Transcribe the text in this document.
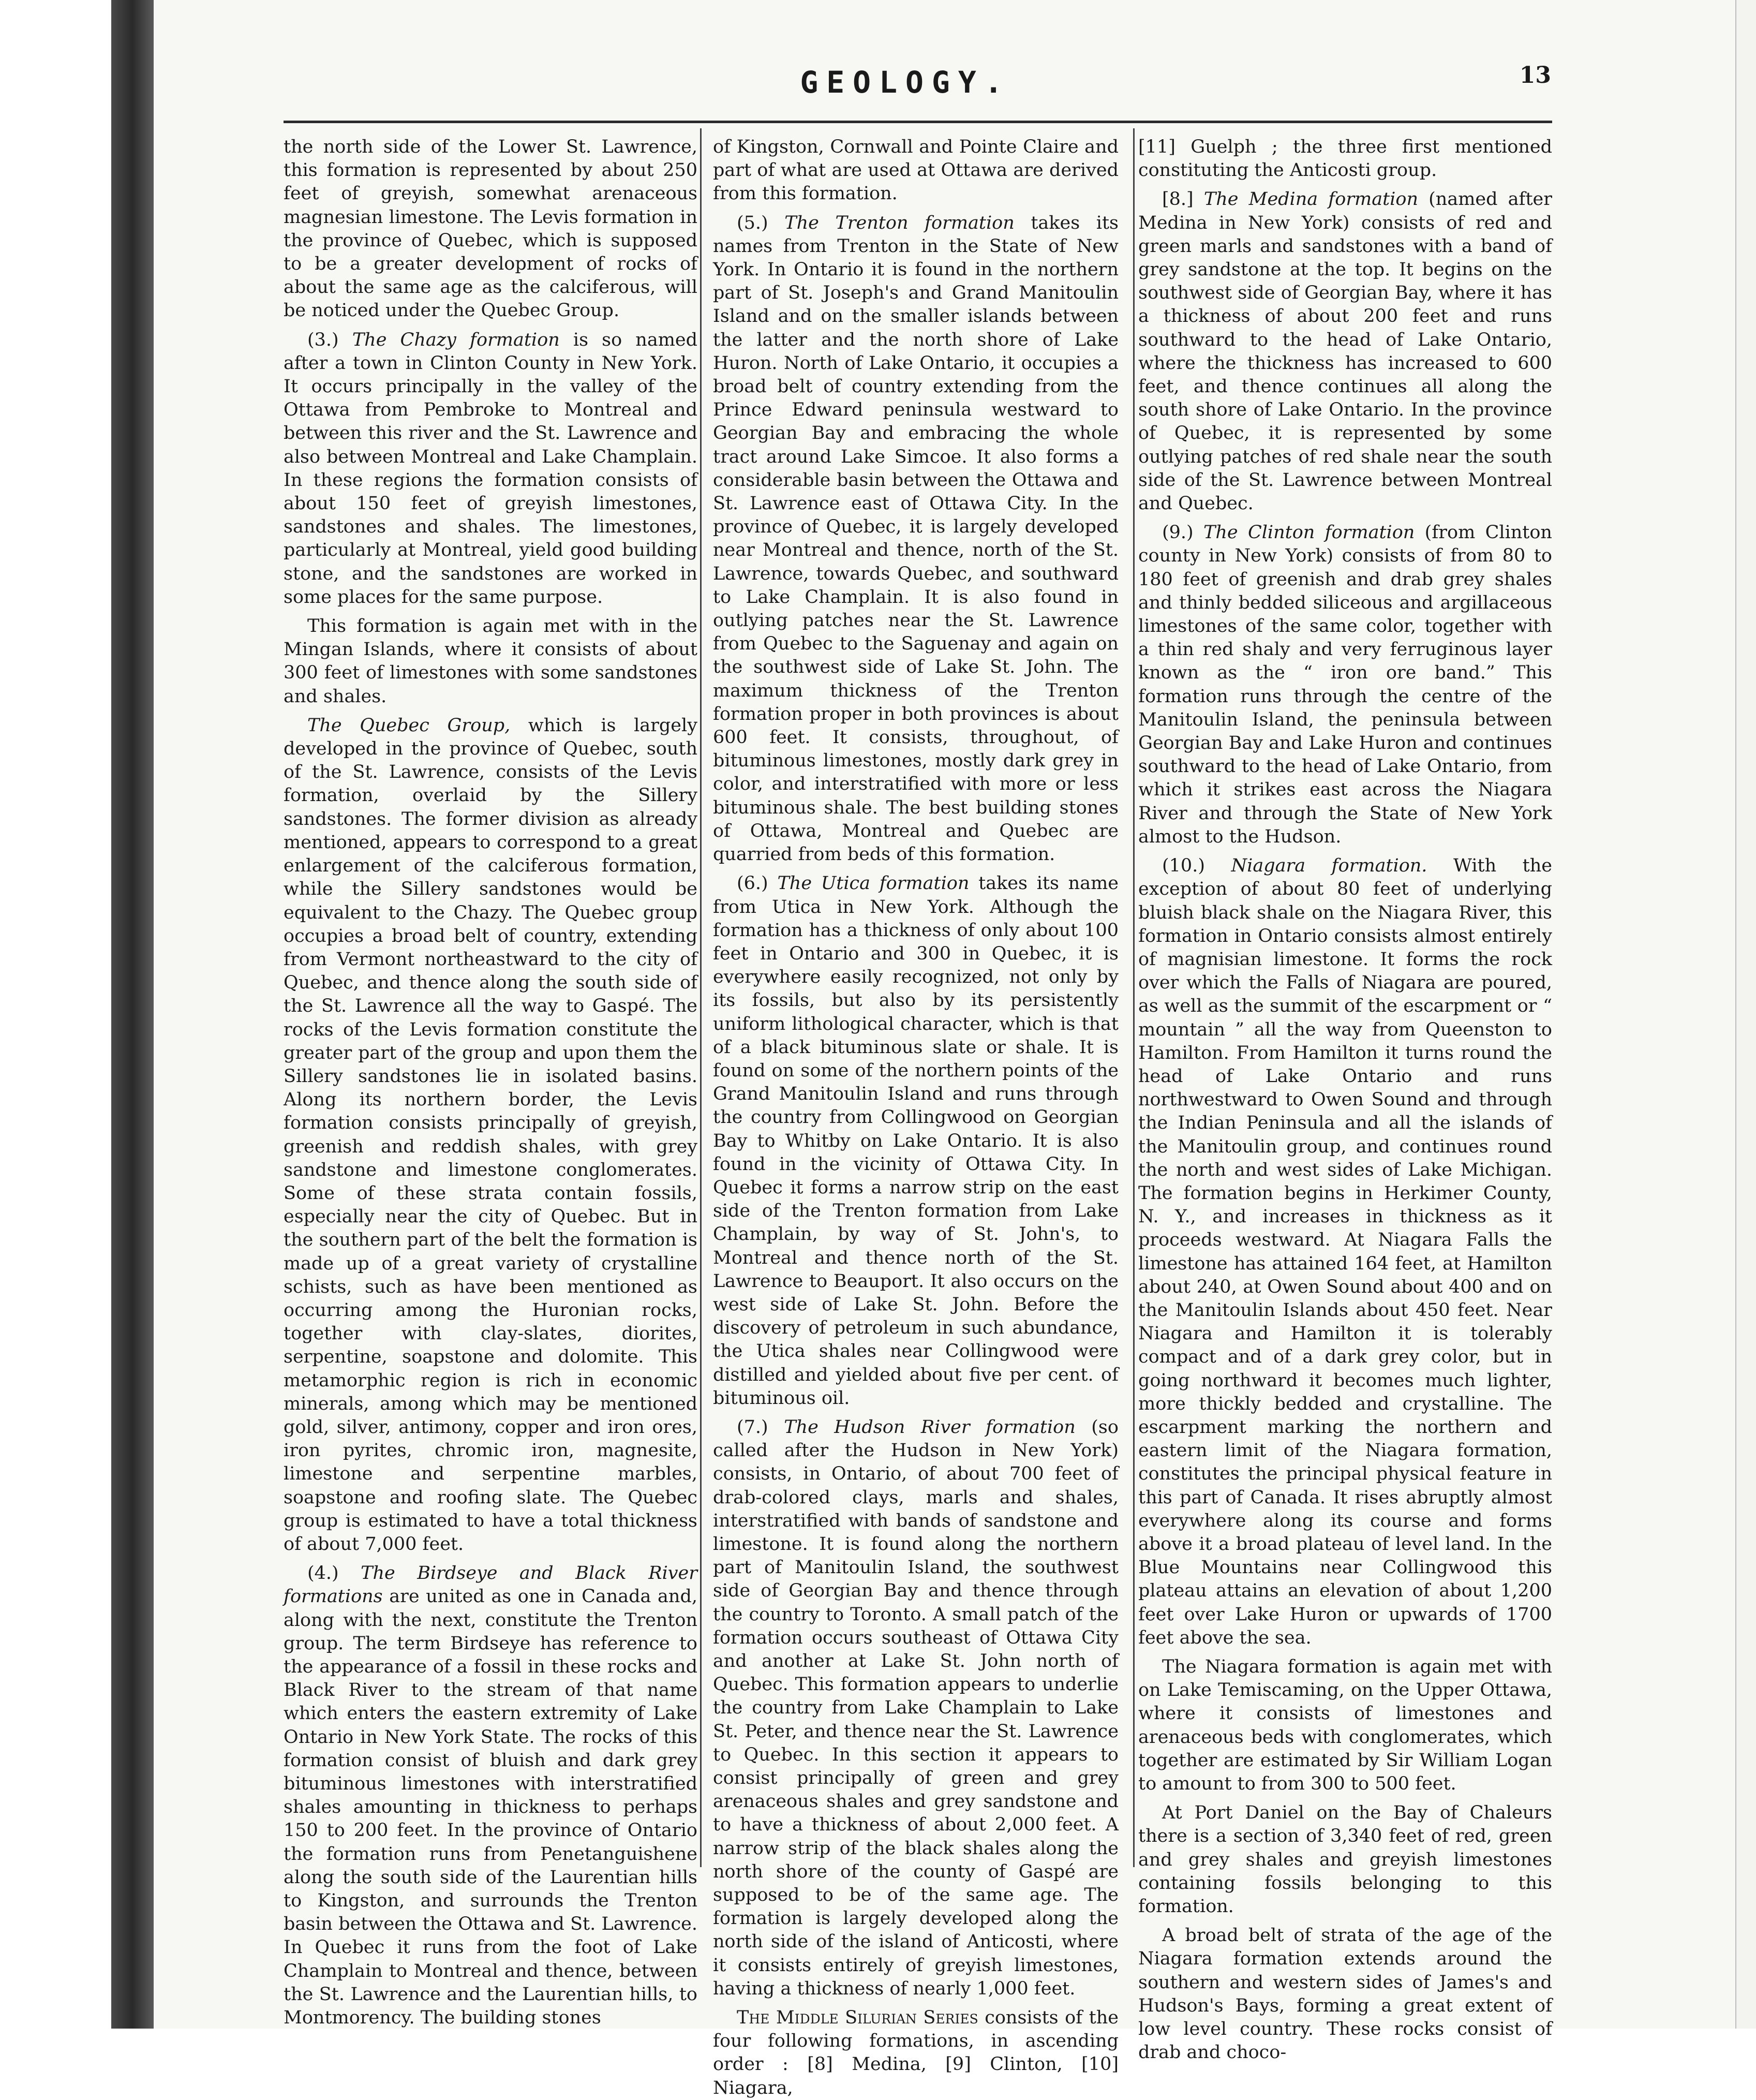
GEOLOGY.	13

the north side of the Lower St. Lawrence, this formation is represented by about 250 feet of greyish, somewhat arenaceous magnesian limestone. The Levis formation in the province of Quebec, which is supposed to be a greater development of rocks of about the same age as the calciferous, will be noticed under the Quebec Group.

(3.) The Chazy formation is so named after a town in Clinton County in New York. It occurs principally in the valley of the Ottawa from Pembroke to Montreal and between this river and the St. Lawrence and also between Montreal and Lake Champlain. In these regions the formation consists of about 150 feet of greyish limestones, sandstones and shales. The limestones, particularly at Montreal, yield good building stone, and the sandstones are worked in some places for the same purpose.

This formation is again met with in the Mingan Islands, where it consists of about 300 feet of limestones with some sandstones and shales.

The Quebec Group, which is largely developed in the province of Quebec, south of the St. Lawrence, consists of the Levis formation, overlaid by the Sillery sandstones. The former division as already mentioned, appears to correspond to a great enlargement of the calciferous formation, while the Sillery sandstones would be equivalent to the Chazy. The Quebec group occupies a broad belt of country, extending from Vermont northeastward to the city of Quebec, and thence along the south side of the St. Lawrence all the way to Gaspé. The rocks of the Levis formation constitute the greater part of the group and upon them the Sillery sandstones lie in isolated basins. Along its northern border, the Levis formation consists principally of greyish, greenish and reddish shales, with grey sandstone and limestone conglomerates. Some of these strata contain fossils, especially near the city of Quebec. But in the southern part of the belt the formation is made up of a great variety of crystalline schists, such as have been mentioned as occurring among the Huronian rocks, together with clay-slates, diorites, serpentine, soapstone and dolomite. This metamorphic region is rich in economic minerals, among which may be mentioned gold, silver, antimony, copper and iron ores, iron pyrites, chromic iron, magnesite, limestone and serpentine marbles, soapstone and roofing slate. The Quebec group is estimated to have a total thickness of about 7,000 feet.

(4.) The Birdseye and Black River formations are united as one in Canada and, along with the next, constitute the Trenton group. The term Birdseye has reference to the appearance of a fossil in these rocks and Black River to the stream of that name which enters the eastern extremity of Lake Ontario in New York State. The rocks of this formation consist of bluish and dark grey bituminous limestones with interstratified shales amounting in thickness to perhaps 150 to 200 feet. In the province of Ontario the formation runs from Penetanguishene along the south side of the Laurentian hills to Kingston, and surrounds the Trenton basin between the Ottawa and St. Lawrence. In Quebec it runs from the foot of Lake Champlain to Montreal and thence, between the St. Lawrence and the Laurentian hills, to Montmorency. The building stones

of Kingston, Cornwall and Pointe Claire and part of what are used at Ottawa are derived from this formation.

(5.) The Trenton formation takes its names from Trenton in the State of New York. In Ontario it is found in the northern part of St. Joseph's and Grand Manitoulin Island and on the smaller islands between the latter and the north shore of Lake Huron. North of Lake Ontario, it occupies a broad belt of country extending from the Prince Edward peninsula westward to Georgian Bay and embracing the whole tract around Lake Simcoe. It also forms a considerable basin between the Ottawa and St. Lawrence east of Ottawa City. In the province of Quebec, it is largely developed near Montreal and thence, north of the St. Lawrence, towards Quebec, and southward to Lake Champlain. It is also found in outlying patches near the St. Lawrence from Quebec to the Saguenay and again on the southwest side of Lake St. John. The maximum thickness of the Trenton formation proper in both provinces is about 600 feet. It consists, throughout, of bituminous limestones, mostly dark grey in color, and interstratified with more or less bituminous shale. The best building stones of Ottawa, Montreal and Quebec are quarried from beds of this formation.

(6.) The Utica formation takes its name from Utica in New York. Although the formation has a thickness of only about 100 feet in Ontario and 300 in Quebec, it is everywhere easily recognized, not only by its fossils, but also by its persistently uniform lithological character, which is that of a black bituminous slate or shale. It is found on some of the northern points of the Grand Manitoulin Island and runs through the country from Collingwood on Georgian Bay to Whitby on Lake Ontario. It is also found in the vicinity of Ottawa City. In Quebec it forms a narrow strip on the east side of the Trenton formation from Lake Champlain, by way of St. John's, to Montreal and thence north of the St. Lawrence to Beauport. It also occurs on the west side of Lake St. John. Before the discovery of petroleum in such abundance, the Utica shales near Collingwood were distilled and yielded about five per cent. of bituminous oil.

(7.) The Hudson River formation (so called after the Hudson in New York) consists, in Ontario, of about 700 feet of drab-colored clays, marls and shales, interstratified with bands of sandstone and limestone. It is found along the northern part of Manitoulin Island, the southwest side of Georgian Bay and thence through the country to Toronto. A small patch of the formation occurs southeast of Ottawa City and another at Lake St. John north of Quebec. This formation appears to underlie the country from Lake Champlain to Lake St. Peter, and thence near the St. Lawrence to Quebec. In this section it appears to consist principally of green and grey arenaceous shales and grey sandstone and to have a thickness of about 2,000 feet. A narrow strip of the black shales along the north shore of the county of Gaspé are supposed to be of the same age. The formation is largely developed along the north side of the island of Anticosti, where it consists entirely of greyish limestones, having a thickness of nearly 1,000 feet.

The Middle Silurian Series consists of the four following formations, in ascending order : [8] Medina, [9] Clinton, [10] Niagara,

[11] Guelph ; the three first mentioned constituting the Anticosti group.

[8.] The Medina formation (named after Medina in New York) consists of red and green marls and sandstones with a band of grey sandstone at the top. It begins on the southwest side of Georgian Bay, where it has a thickness of about 200 feet and runs southward to the head of Lake Ontario, where the thickness has increased to 600 feet, and thence continues all along the south shore of Lake Ontario. In the province of Quebec, it is represented by some outlying patches of red shale near the south side of the St. Lawrence between Montreal and Quebec.

(9.) The Clinton formation (from Clinton county in New York) consists of from 80 to 180 feet of greenish and drab grey shales and thinly bedded siliceous and argillaceous limestones of the same color, together with a thin red shaly and very ferruginous layer known as the “ iron ore band.” This formation runs through the centre of the Manitoulin Island, the peninsula between Georgian Bay and Lake Huron and continues southward to the head of Lake Ontario, from which it strikes east across the Niagara River and through the State of New York almost to the Hudson.

(10.) Niagara formation. With the exception of about 80 feet of underlying bluish black shale on the Niagara River, this formation in Ontario consists almost entirely of magnisian limestone. It forms the rock over which the Falls of Niagara are poured, as well as the summit of the escarpment or “ mountain ” all the way from Queenston to Hamilton. From Hamilton it turns round the head of Lake Ontario and runs northwestward to Owen Sound and through the Indian Peninsula and all the islands of the Manitoulin group, and continues round the north and west sides of Lake Michigan. The formation begins in Herkimer County, N. Y., and increases in thickness as it proceeds westward. At Niagara Falls the limestone has attained 164 feet, at Hamilton about 240, at Owen Sound about 400 and on the Manitoulin Islands about 450 feet. Near Niagara and Hamilton it is tolerably compact and of a dark grey color, but in going northward it becomes much lighter, more thickly bedded and crystalline. The escarpment marking the northern and eastern limit of the Niagara formation, constitutes the principal physical feature in this part of Canada. It rises abruptly almost everywhere along its course and forms above it a broad plateau of level land. In the Blue Mountains near Collingwood this plateau attains an elevation of about 1,200 feet over Lake Huron or upwards of 1700 feet above the sea.

The Niagara formation is again met with on Lake Temiscaming, on the Upper Ottawa, where it consists of limestones and arenaceous beds with conglomerates, which together are estimated by Sir William Logan to amount to from 300 to 500 feet.

At Port Daniel on the Bay of Chaleurs there is a section of 3,340 feet of red, green and grey shales and greyish limestones containing fossils belonging to this formation.

A broad belt of strata of the age of the Niagara formation extends around the southern and western sides of James's and Hudson's Bays, forming a great extent of low level country. These rocks consist of drab and choco-
